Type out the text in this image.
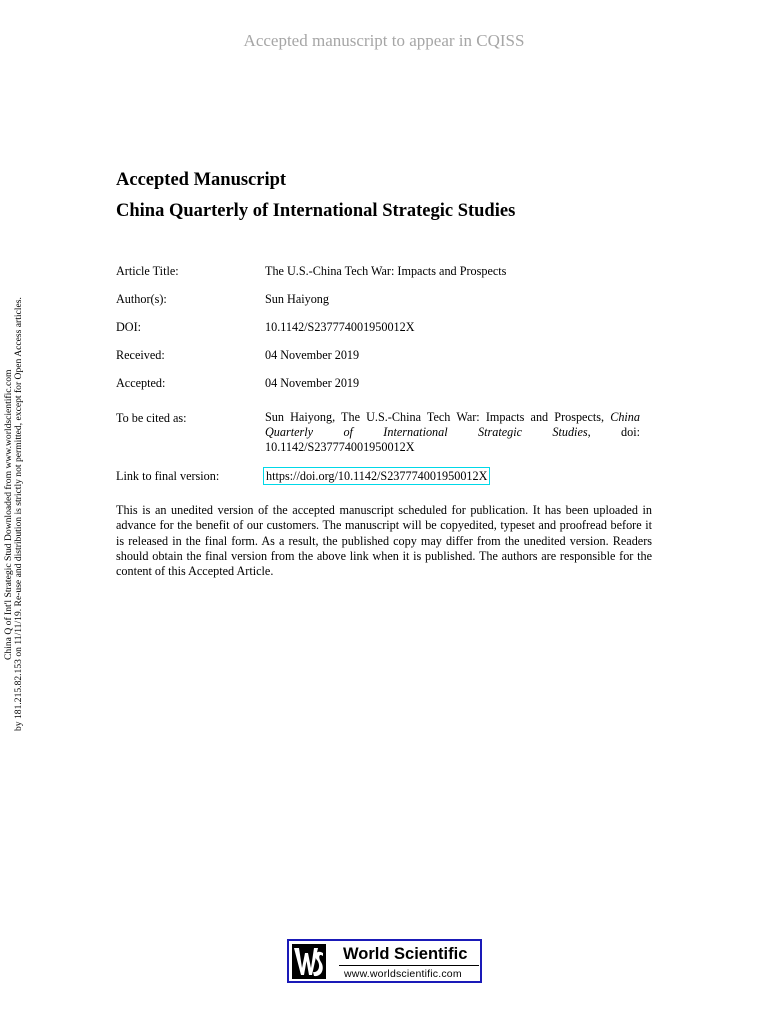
Accepted manuscript to appear in CQISS
Accepted Manuscript
China Quarterly of International Strategic Studies
Article Title:	The U.S.-China Tech War: Impacts and Prospects
Author(s):	Sun Haiyong
DOI:	10.1142/S237774001950012X
Received:	04 November 2019
Accepted:	04 November 2019
To be cited as:	Sun Haiyong, The U.S.-China Tech War: Impacts and Prospects, China Quarterly of International Strategic Studies, doi: 10.1142/S237774001950012X
Link to final version:	https://doi.org/10.1142/S237774001950012X
This is an unedited version of the accepted manuscript scheduled for publication. It has been uploaded in advance for the benefit of our customers. The manuscript will be copyedited, typeset and proofread before it is released in the final form. As a result, the published copy may differ from the unedited version. Readers should obtain the final version from the above link when it is published. The authors are responsible for the content of this Accepted Article.
China Q of Int'l Strategic Stud Downloaded from www.worldscientific.com by 181.215.82.153 on 11/11/19. Re-use and distribution is strictly not permitted, except for Open Access articles.
World Scientific
www.worldscientific.com
